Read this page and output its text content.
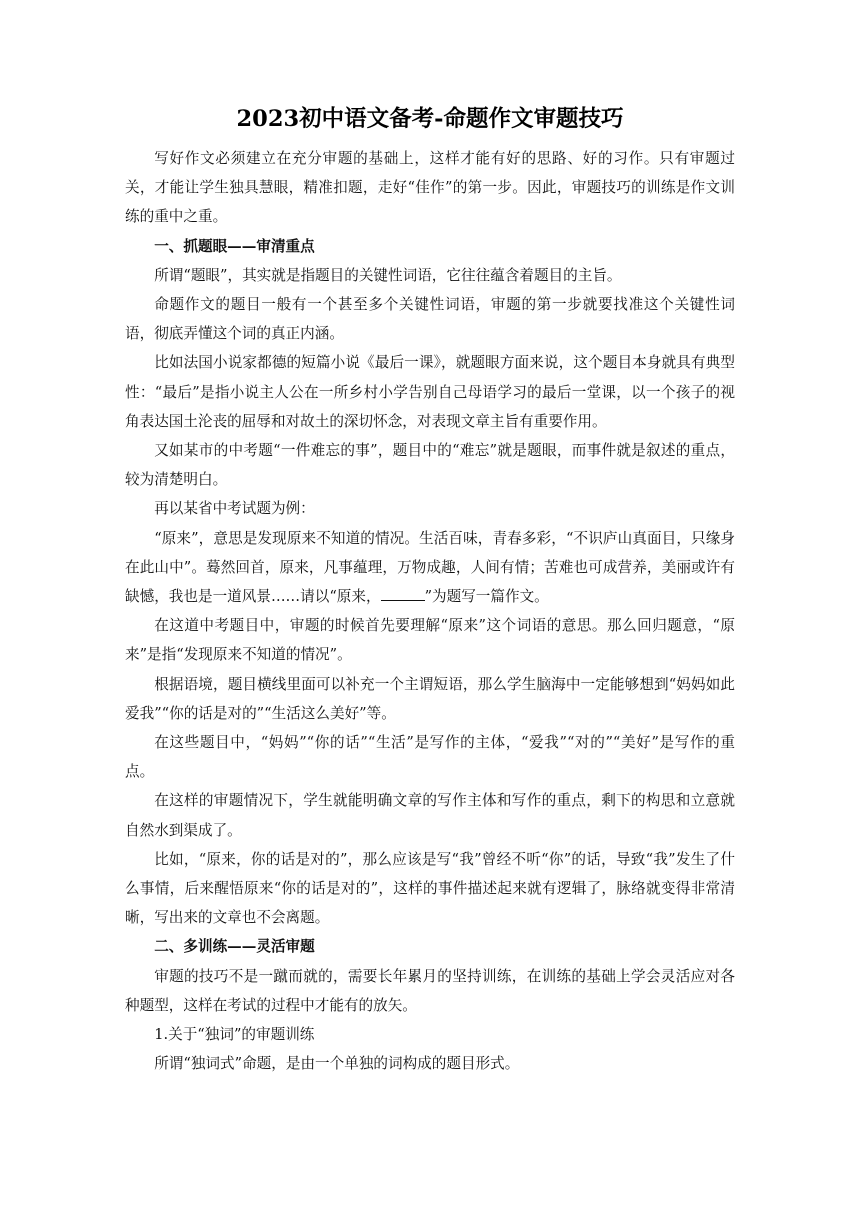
2023初中语文备考-命题作文审题技巧

写好作文必须建立在充分审题的基础上，这样才能有好的思路、好的习作。只有审题过关，才能让学生独具慧眼，精准扣题，走好“佳作”的第一步。因此，审题技巧的训练是作文训练的重中之重。

一、抓题眼——审清重点

所谓“题眼”，其实就是指题目的关键性词语，它往往蕴含着题目的主旨。

命题作文的题目一般有一个甚至多个关键性词语，审题的第一步就要找准这个关键性词语，彻底弄懂这个词的真正内涵。

比如法国小说家都德的短篇小说《最后一课》，就题眼方面来说，这个题目本身就具有典型性：“最后”是指小说主人公在一所乡村小学告别自己母语学习的最后一堂课，以一个孩子的视角表达国土沦丧的屈辱和对故土的深切怀念，对表现文章主旨有重要作用。

又如某市的中考题“一件难忘的事”，题目中的“难忘”就是题眼，而事件就是叙述的重点，较为清楚明白。

再以某省中考试题为例：

“原来”，意思是发现原来不知道的情况。生活百味，青春多彩，“不识庐山真面目，只缘身在此山中”。蓦然回首，原来，凡事蕴理，万物成趣，人间有情；苦难也可成营养，美丽或许有缺憾，我也是一道风景……请以“原来，	”为题写一篇作文。

在这道中考题目中，审题的时候首先要理解“原来”这个词语的意思。那么回归题意，“原来”是指“发现原来不知道的情况”。

根据语境，题目横线里面可以补充一个主谓短语，那么学生脑海中一定能够想到“妈妈如此爱我”“你的话是对的”“生活这么美好”等。

在这些题目中，“妈妈”“你的话”“生活”是写作的主体，“爱我”“对的”“美好”是写作的重点。

在这样的审题情况下，学生就能明确文章的写作主体和写作的重点，剩下的构思和立意就自然水到渠成了。

比如，“原来，你的话是对的”，那么应该是写“我”曾经不听“你”的话，导致“我”发生了什么事情，后来醒悟原来“你的话是对的”，这样的事件描述起来就有逻辑了，脉络就变得非常清晰，写出来的文章也不会离题。

二、多训练——灵活审题

审题的技巧不是一蹴而就的，需要长年累月的坚持训练，在训练的基础上学会灵活应对各种题型，这样在考试的过程中才能有的放矢。

1.关于“独词”的审题训练

所谓“独词式”命题，是由一个单独的词构成的题目形式。
